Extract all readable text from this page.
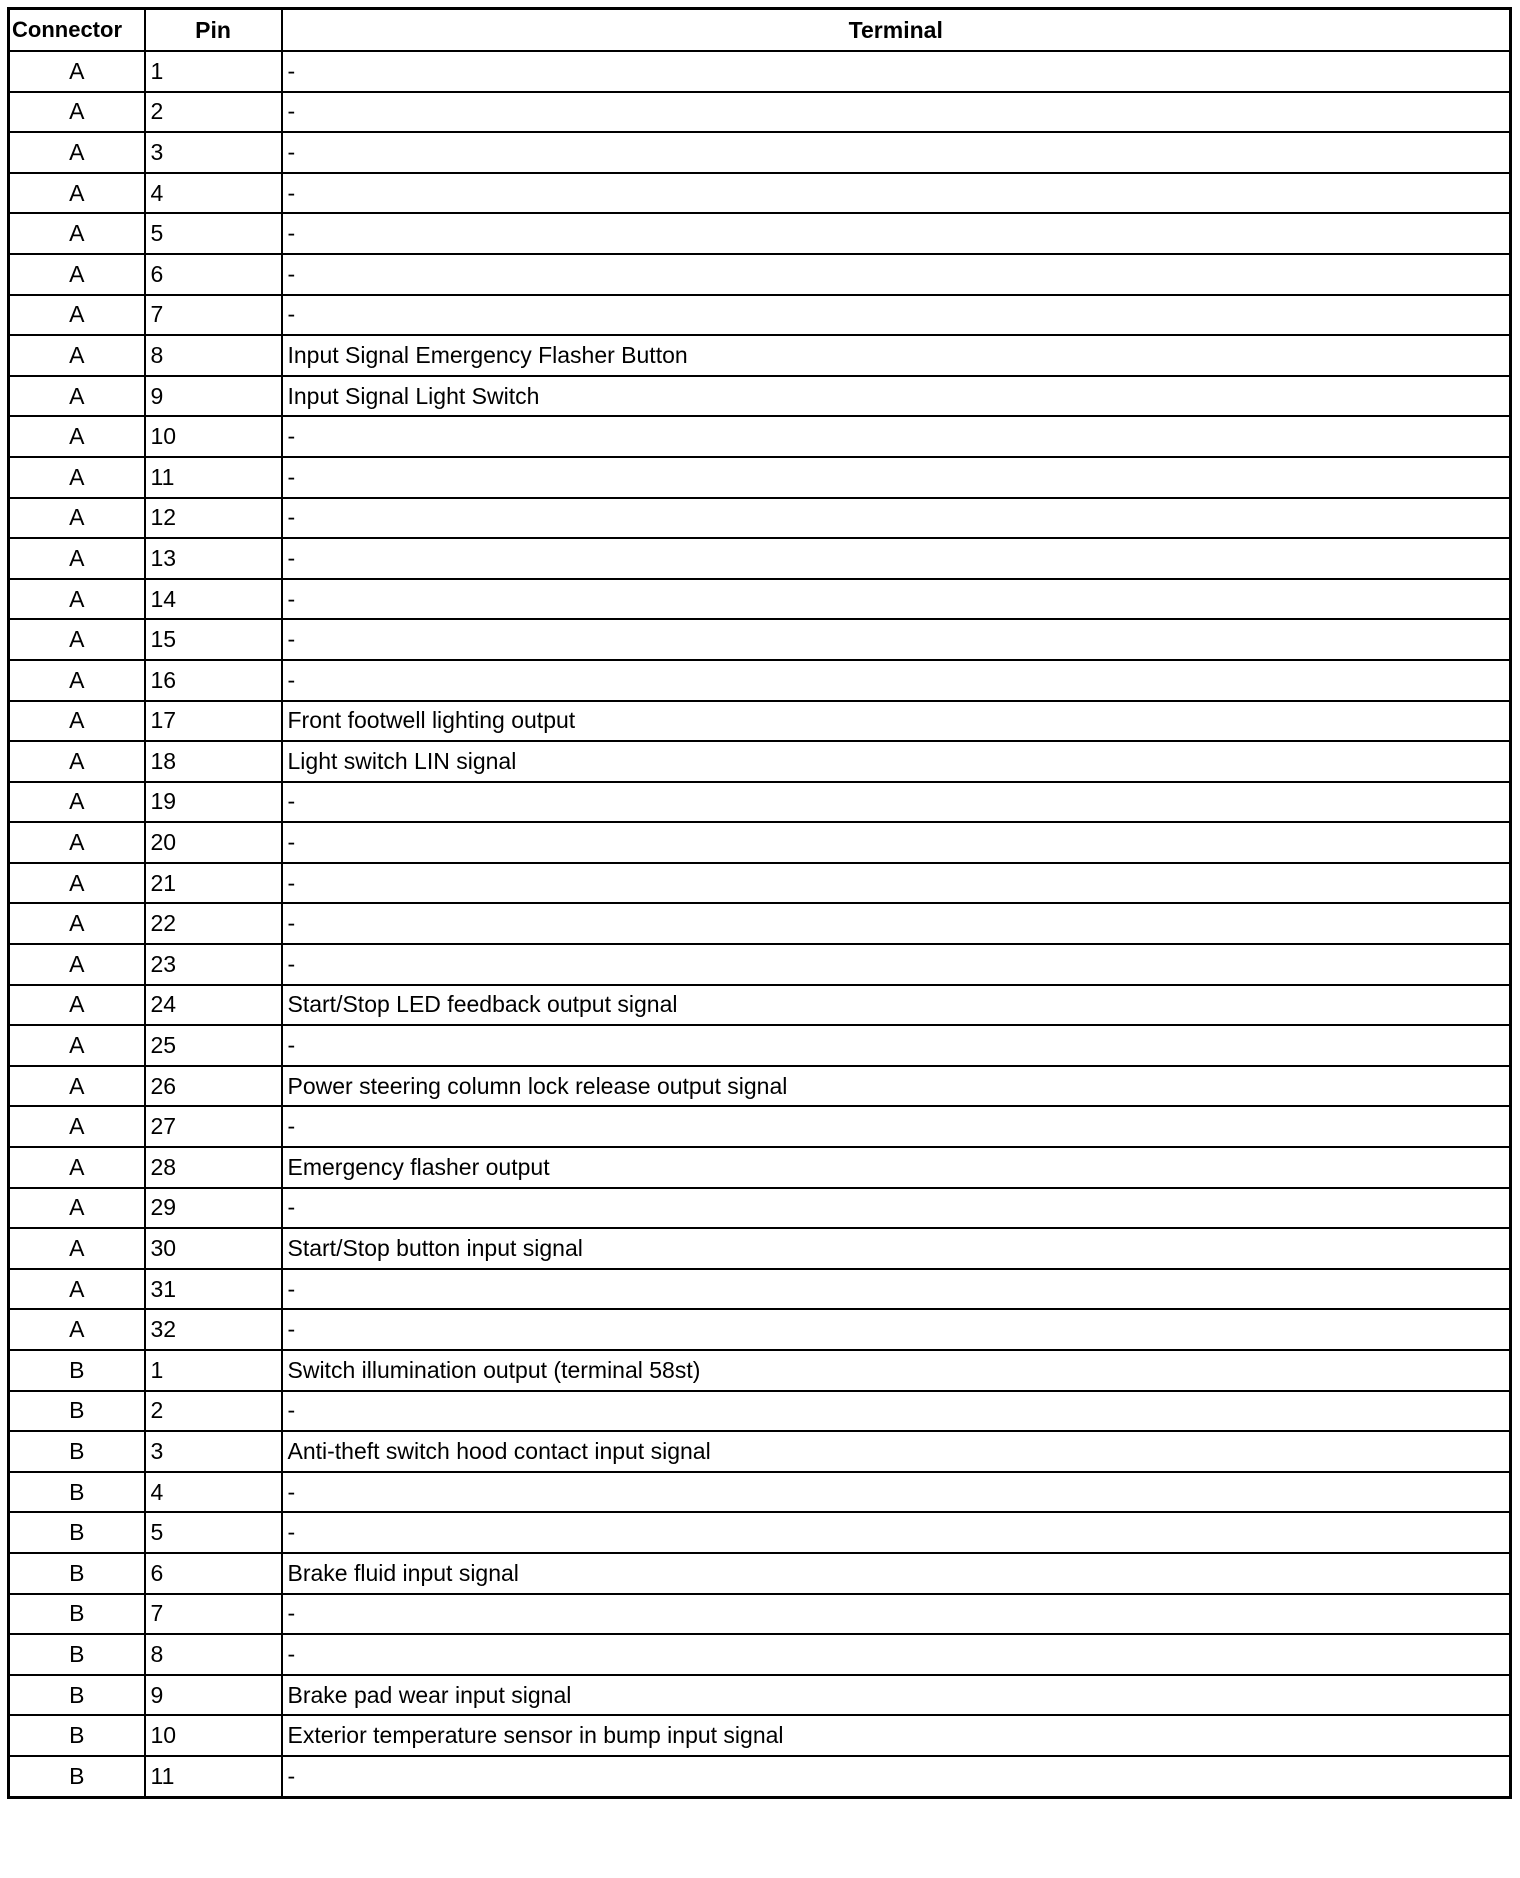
Connector	Pin	Terminal
A	1	-
A	2	-
A	3	-
A	4	-
A	5	-
A	6	-
A	7	-
A	8	Input Signal Emergency Flasher Button
A	9	Input Signal Light Switch
A	10	-
A	11	-
A	12	-
A	13	-
A	14	-
A	15	-
A	16	-
A	17	Front footwell lighting output
A	18	Light switch LIN signal
A	19	-
A	20	-
A	21	-
A	22	-
A	23	-
A	24	Start/Stop LED feedback output signal
A	25	-
A	26	Power steering column lock release output signal
A	27	-
A	28	Emergency flasher output
A	29	-
A	30	Start/Stop button input signal
A	31	-
A	32	-
B	1	Switch illumination output (terminal 58st)
B	2	-
B	3	Anti-theft switch hood contact input signal
B	4	-
B	5	-
B	6	Brake fluid input signal
B	7	-
B	8	-
B	9	Brake pad wear input signal
B	10	Exterior temperature sensor in bump input signal
B	11	-
